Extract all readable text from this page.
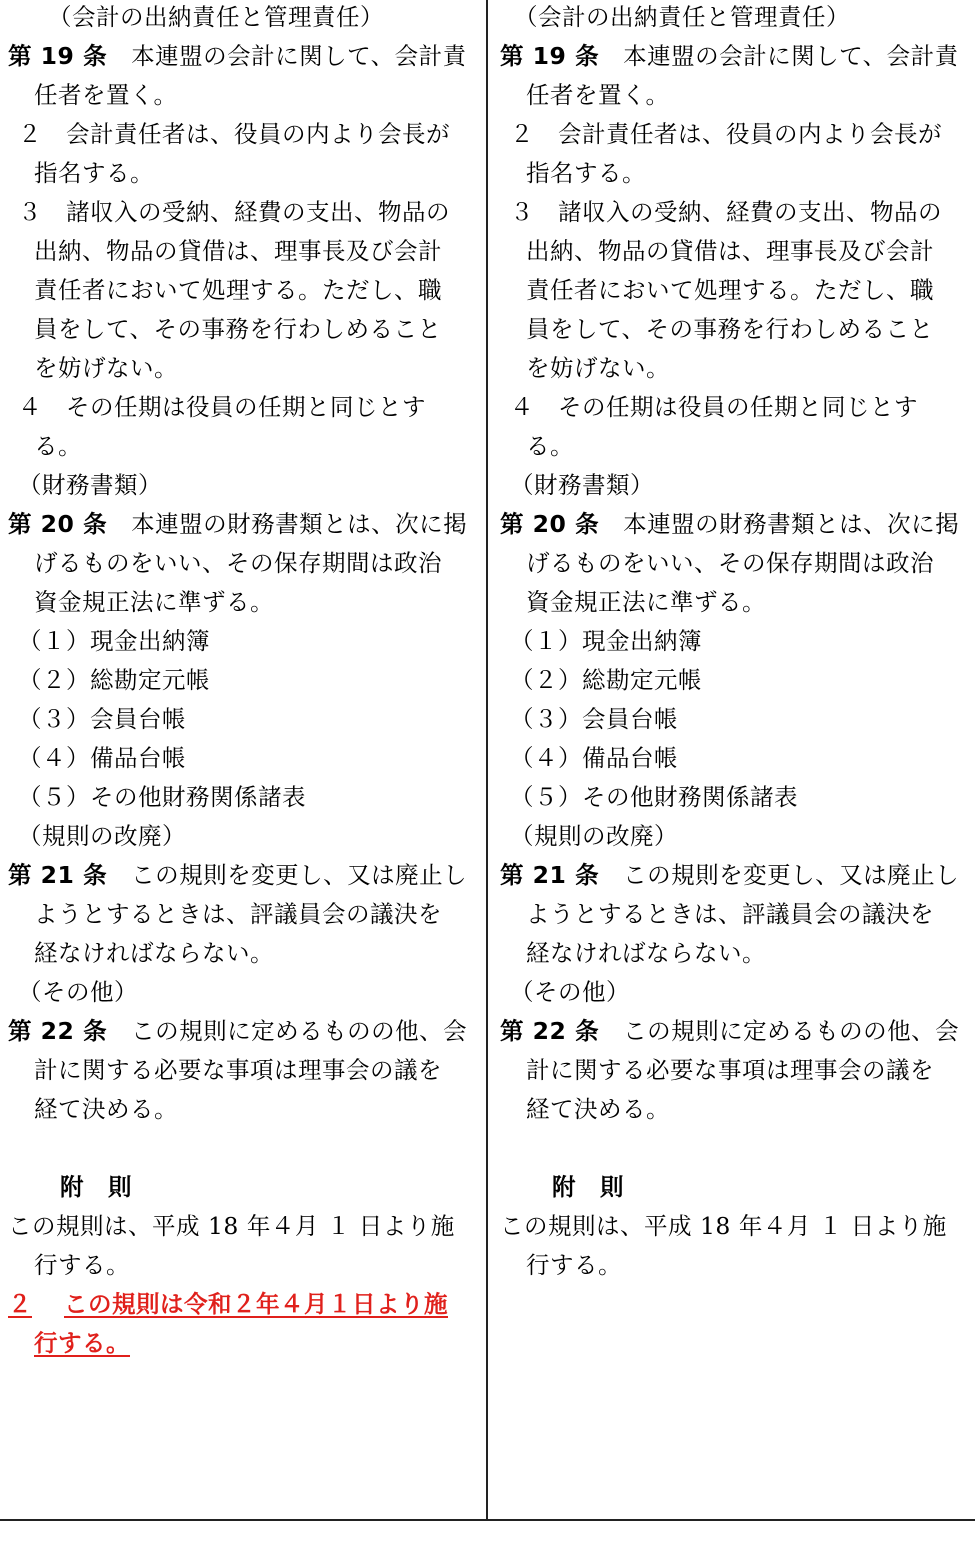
（会計の出納責任と管理責任）
第 19 条　 本連盟の会計に関して、会計責
任者を置く。
２　会計責任者は、役員の内より会長が
指名する。
３　諸収入の受納、経費の支出、物品の
出納、物品の貸借は、理事長及び会計
責任者において処理する。ただし、職
員をして、その事務を行わしめること
を妨げない。
４　その任期は役員の任期と同じとす
る。
（財務書類）
第 20 条　 本連盟の財務書類とは、次に掲
げるものをいい、その保存期間は政治
資金規正法に準ずる。
（１）現金出納簿
（２）総勘定元帳
（３）会員台帳
（４）備品台帳
（５）その他財務関係諸表
（規則の改廃）
第 21 条　 この規則を変更し、又は廃止し
ようとするときは、評議員会の議決を
経なければならない。
（その他）
第 22 条　 この規則に定めるものの他、会
計に関する必要な事項は理事会の議を
経て決める。
附　則
この規則は、平成 18 年４月 １ 日より施
行する。
２ この規則は令和２年４月１日より施
行する。
（会計の出納責任と管理責任）
第 19 条　 本連盟の会計に関して、会計責
任者を置く。
２　会計責任者は、役員の内より会長が
指名する。
３　諸収入の受納、経費の支出、物品の
出納、物品の貸借は、理事長及び会計
責任者において処理する。ただし、職
員をして、その事務を行わしめること
を妨げない。
４　その任期は役員の任期と同じとす
る。
（財務書類）
第 20 条　 本連盟の財務書類とは、次に掲
げるものをいい、その保存期間は政治
資金規正法に準ずる。
（１）現金出納簿
（２）総勘定元帳
（３）会員台帳
（４）備品台帳
（５）その他財務関係諸表
（規則の改廃）
第 21 条　 この規則を変更し、又は廃止し
ようとするときは、評議員会の議決を
経なければならない。
（その他）
第 22 条　 この規則に定めるものの他、会
計に関する必要な事項は理事会の議を
経て決める。
附　則
この規則は、平成 18 年４月 １ 日より施
行する。
